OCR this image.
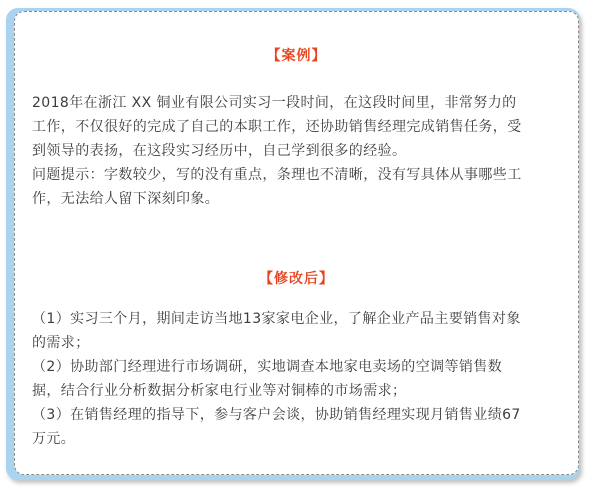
【案例】

2018年在浙江 XX 铜业有限公司实习一段时间，在这段时间里，非常努力的
工作，不仅很好的完成了自己的本职工作，还协助销售经理完成销售任务，受
到领导的表扬，在这段实习经历中，自己学到很多的经验。

问题提示：字数较少，写的没有重点，条理也不清晰，没有写具体从事哪些工
作，无法给人留下深刻印象。

【修改后】

（1）实习三个月，期间走访当地13家家电企业，了解企业产品主要销售对象
的需求；

（2）协助部门经理进行市场调研，实地调查本地家电卖场的空调等销售数
据，结合行业分析数据分析家电行业等对铜棒的市场需求；

（3）在销售经理的指导下，参与客户会谈，协助销售经理实现月销售业绩67
万元。
